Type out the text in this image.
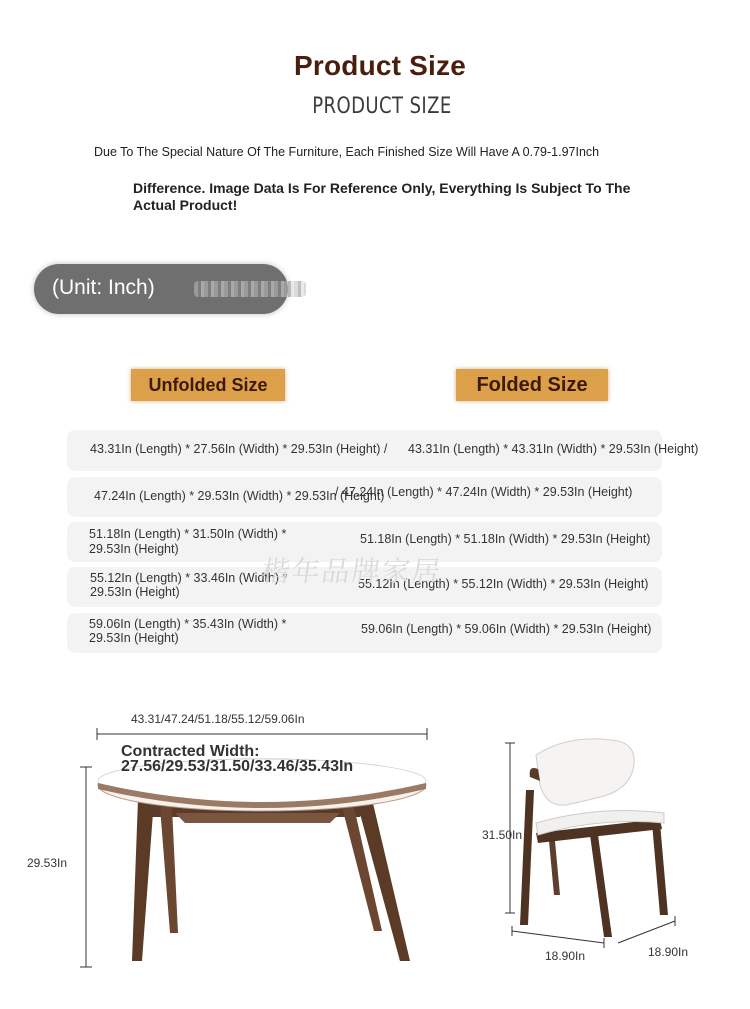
Product Size
PRODUCT SIZE
Due To The Special Nature Of The Furniture, Each Finished Size Will Have A 0.79-1.97Inch
Difference. Image Data Is For Reference Only, Everything Is Subject To The Actual Product!
(Unit: Inch)
Unfolded Size	Folded Size
43.31In (Length) * 27.56In (Width) * 29.53In (Height) / 43.31In (Length) * 43.31In (Width) * 29.53In (Height)
47.24In (Length) * 29.53In (Width) * 29.53In (Height)
/ 47.24In (Length) * 47.24In (Width) * 29.53In (Height)
51.18In (Length) * 31.50In (Width) *
29.53In (Height)
51.18In (Length) * 51.18In (Width) * 29.53In (Height)
55.12In (Length) * 33.46In (Width) *
29.53In (Height)
55.12In (Length) * 55.12In (Width) * 29.53In (Height)
59.06In (Length) * 35.43In (Width) *
29.53In (Height)
59.06In (Length) * 59.06In (Width) * 29.53In (Height)
楷年品牌家居
43.31/47.24/51.18/55.12/59.06In
Contracted Width:
27.56/29.53/31.50/33.46/35.43In
29.53In
31.50In
18.90In	18.90In
